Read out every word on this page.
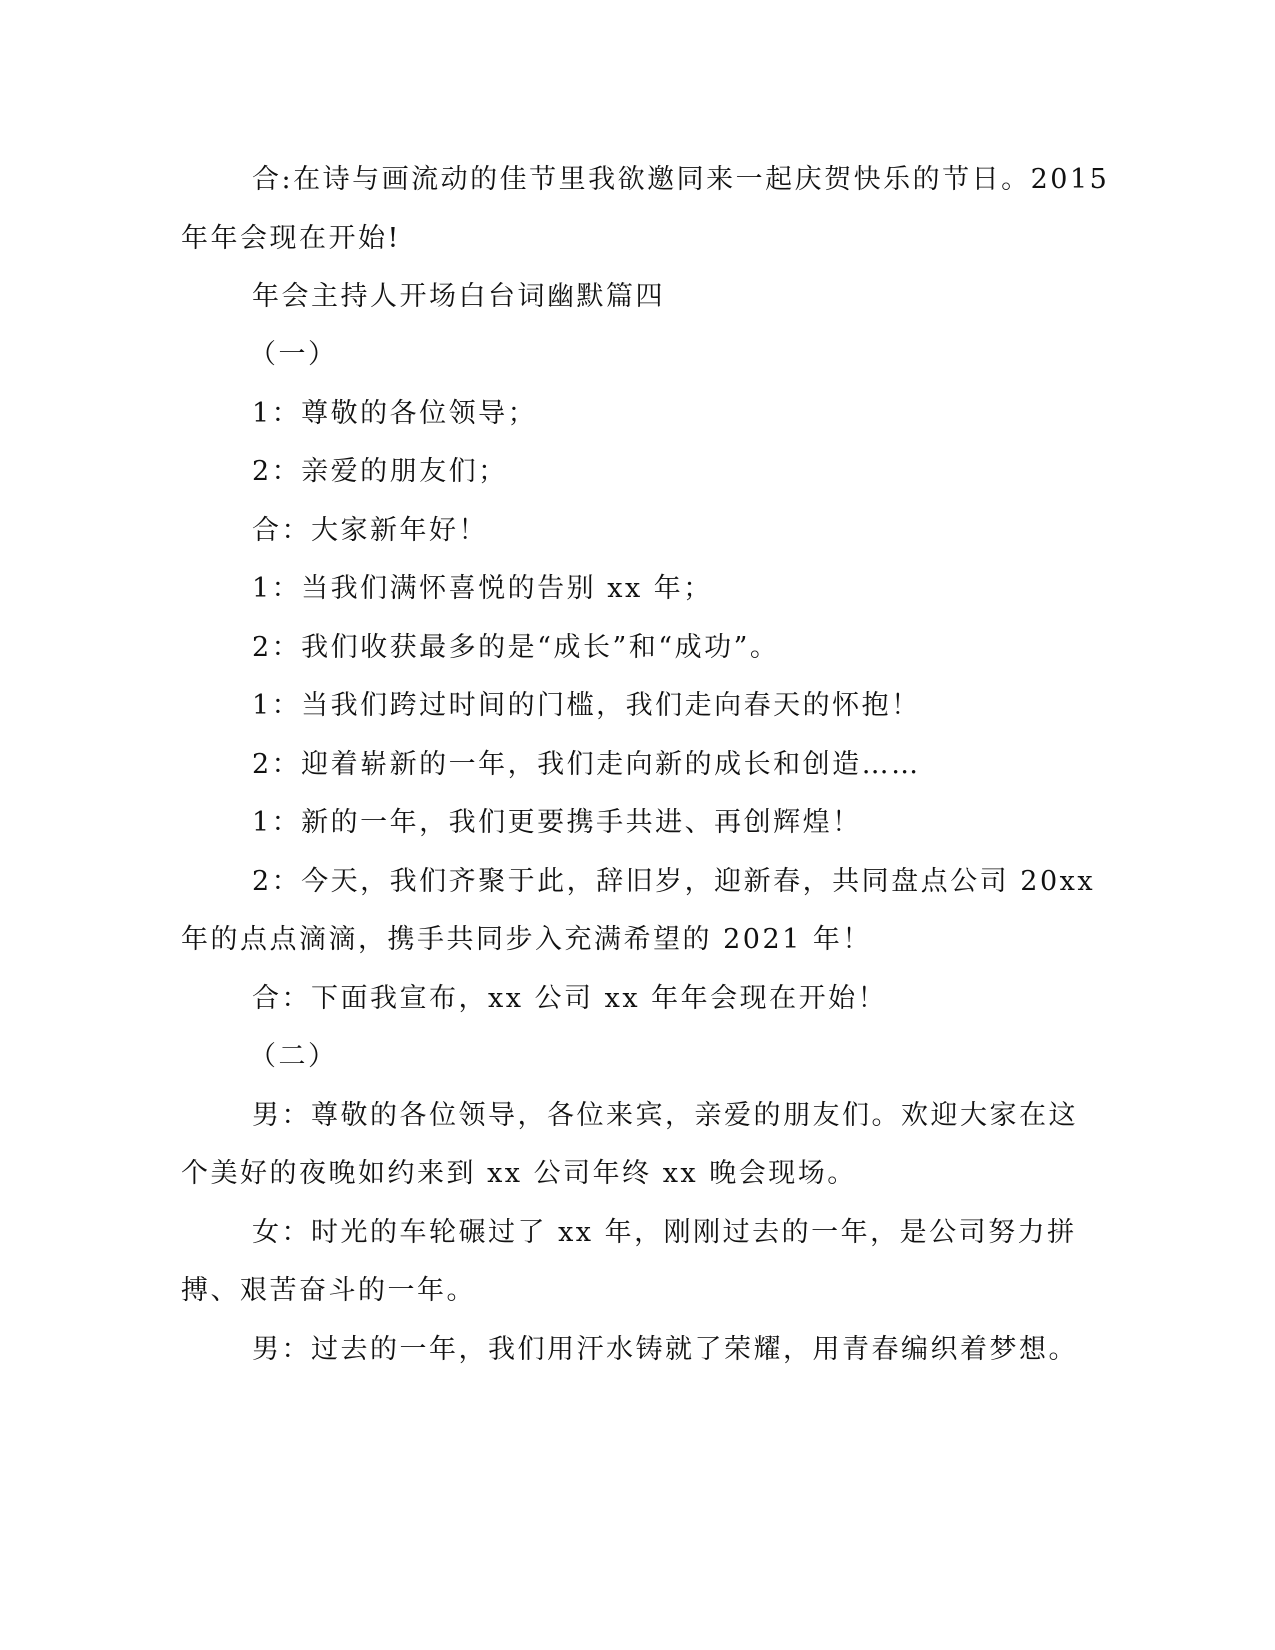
合:在诗与画流动的佳节里我欲邀同来一起庆贺快乐的节日。2015
年年会现在开始!
年会主持人开场白台词幽默篇四
（一）
1：尊敬的各位领导；
2：亲爱的朋友们；
合：大家新年好！
1：当我们满怀喜悦的告别 xx 年；
2：我们收获最多的是“成长”和“成功”。
1：当我们跨过时间的门槛，我们走向春天的怀抱！
2：迎着崭新的一年，我们走向新的成长和创造……
1：新的一年，我们更要携手共进、再创辉煌！
2：今天，我们齐聚于此，辞旧岁，迎新春，共同盘点公司 20xx
年的点点滴滴，携手共同步入充满希望的 2021 年！
合：下面我宣布，xx 公司 xx 年年会现在开始！
（二）
男：尊敬的各位领导，各位来宾，亲爱的朋友们。欢迎大家在这
个美好的夜晚如约来到 xx 公司年终 xx 晚会现场。
女：时光的车轮碾过了 xx 年，刚刚过去的一年，是公司努力拼
搏、艰苦奋斗的一年。
男：过去的一年，我们用汗水铸就了荣耀，用青春编织着梦想。
